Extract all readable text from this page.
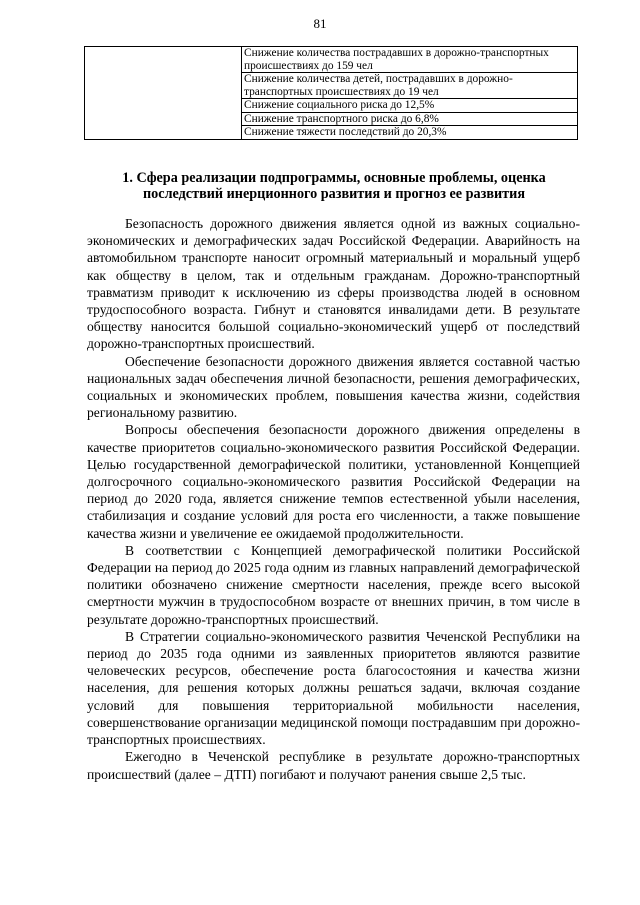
81
	Снижение количества пострадавших в дорожно-транспортных происшествиях до 159 чел
Снижение количества детей, пострадавших в дорожно-транспортных происшествиях до 19 чел
Снижение социального риска до 12,5%
Снижение транспортного риска до 6,8%
Снижение тяжести последствий до 20,3%
1. Сфера реализации подпрограммы, основные проблемы, оценка последствий инерционного развития и прогноз ее развития

Безопасность дорожного движения является одной из важных социально-экономических и демографических задач Российской Федерации. Аварийность на автомобильном транспорте наносит огромный материальный и моральный ущерб как обществу в целом, так и отдельным гражданам. Дорожно-транспортный травматизм приводит к исключению из сферы производства людей в основном трудоспособного возраста. Гибнут и становятся инвалидами дети. В результате обществу наносится большой социально-экономический ущерб от последствий дорожно-транспортных происшествий.

Обеспечение безопасности дорожного движения является составной частью национальных задач обеспечения личной безопасности, решения демографических, социальных и экономических проблем, повышения качества жизни, содействия региональному развитию.

Вопросы обеспечения безопасности дорожного движения определены в качестве приоритетов социально-экономического развития Российской Федерации. Целью государственной демографической политики, установленной Концепцией долгосрочного социально-экономического развития Российской Федерации на период до 2020 года, является снижение темпов естественной убыли населения, стабилизация и создание условий для роста его численности, а также повышение качества жизни и увеличение ее ожидаемой продолжительности.

В соответствии с Концепцией демографической политики Российской Федерации на период до 2025 года одним из главных направлений демографической политики обозначено снижение смертности населения, прежде всего высокой смертности мужчин в трудоспособном возрасте от внешних причин, в том числе в результате дорожно-транспортных происшествий.

В Стратегии социально-экономического развития Чеченской Республики на период до 2035 года одними из заявленных приоритетов являются развитие человеческих ресурсов, обеспечение роста благосостояния и качества жизни населения, для решения которых должны решаться задачи, включая создание условий для повышения территориальной мобильности населения, совершенствование организации медицинской помощи пострадавшим при дорожно-транспортных происшествиях.

Ежегодно в Чеченской республике в результате дорожно-транспортных происшествий (далее – ДТП) погибают и получают ранения свыше 2,5 тыс.
